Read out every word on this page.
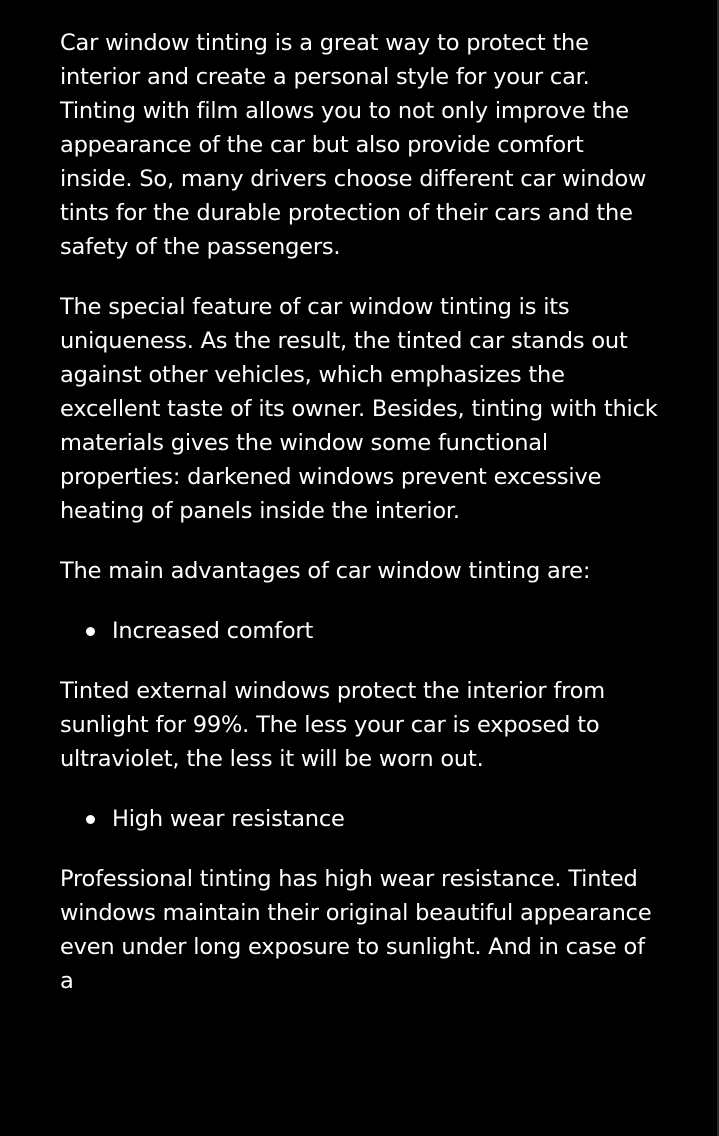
Car window tinting is a great way to protect the interior and create a personal style for your car. Tinting with film allows you to not only improve the appearance of the car but also provide comfort inside. So, many drivers choose different car window tints for the durable protection of their cars and the safety of the passengers.

The special feature of car window tinting is its uniqueness. As the result, the tinted car stands out against other vehicles, which emphasizes the excellent taste of its owner. Besides, tinting with thick materials gives the window some functional properties: darkened windows prevent excessive heating of panels inside the interior.

The main advantages of car window tinting are:

Increased comfort

Tinted external windows protect the interior from sunlight for 99%. The less your car is exposed to ultraviolet, the less it will be worn out.

High wear resistance

Professional tinting has high wear resistance. Tinted windows maintain their original beautiful appearance even under long exposure to sunlight. And in case of a
